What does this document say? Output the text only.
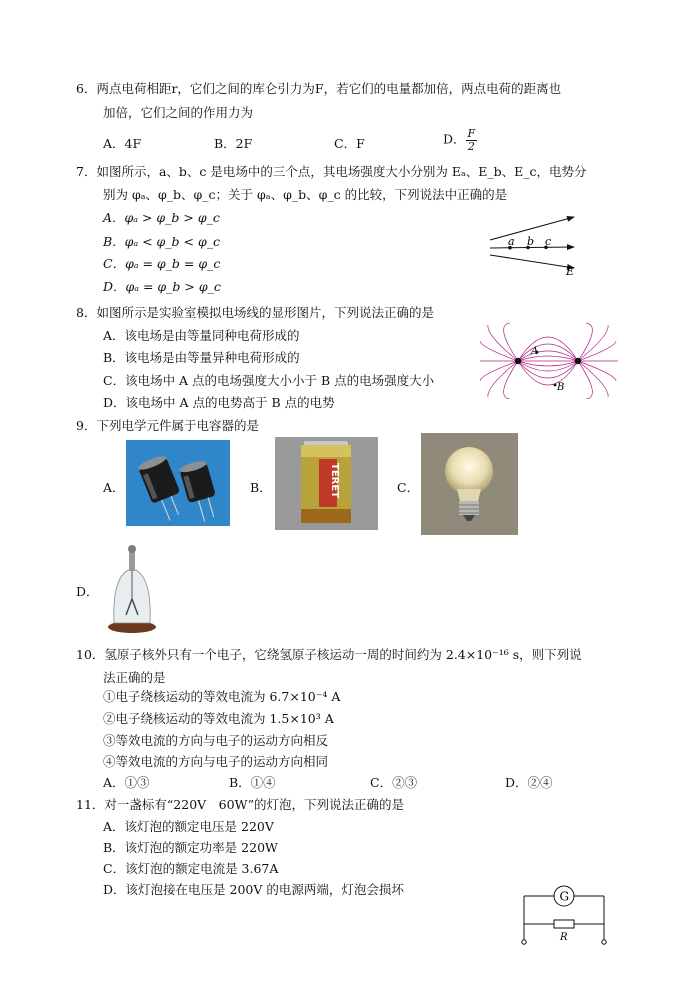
6．两点电荷相距r，它们之间的库仑引力为F，若它们的电量都加倍，两点电荷的距离也
加倍，它们之间的作用力为
A．4F	B．2F	C．F	D． $\frac{F}{2}$
7．如图所示，a、b、c 是电场中的三个点，其电场强度大小分别为 Eₐ、E_b、E_c，电势分
别为 φₐ、φ_b、φ_c；关于 φₐ、φ_b、φ_c 的比较，下列说法中正确的是
A．φₐ > φ_b > φ_c
B．φₐ < φ_b < φ_c
C．φₐ = φ_b = φ_c
D．φₐ = φ_b > φ_c
a b c
E
8．如图所示是实验室模拟电场线的显形图片，下列说法正确的是
A．该电场是由等量同种电荷形成的
B．该电场是由等量异种电荷形成的
C．该电场中 A 点的电场强度大小小于 B 点的电场强度大小
D．该电场中 A 点的电势高于 B 点的电势
A
B
9．下列电学元件属于电容器的是
A．	B．	C．
D．
TERET
10．氢原子核外只有一个电子，它绕氢原子核运动一周的时间约为 2.4×10⁻¹⁶ s，则下列说
法正确的是
①电子绕核运动的等效电流为 6.7×10⁻⁴ A
②电子绕核运动的等效电流为 1.5×10³ A
③等效电流的方向与电子的运动方向相反
④等效电流的方向与电子的运动方向相同
A．①③	B．①④	C．②③	D．②④
11．对一盏标有“220V　60W”的灯泡，下列说法正确的是
A．该灯泡的额定电压是 220V
B．该灯泡的额定功率是 220W
C．该灯泡的额定电流是 3.67A
D．该灯泡接在电压是 200V 的电源两端，灯泡会损坏	G
R
